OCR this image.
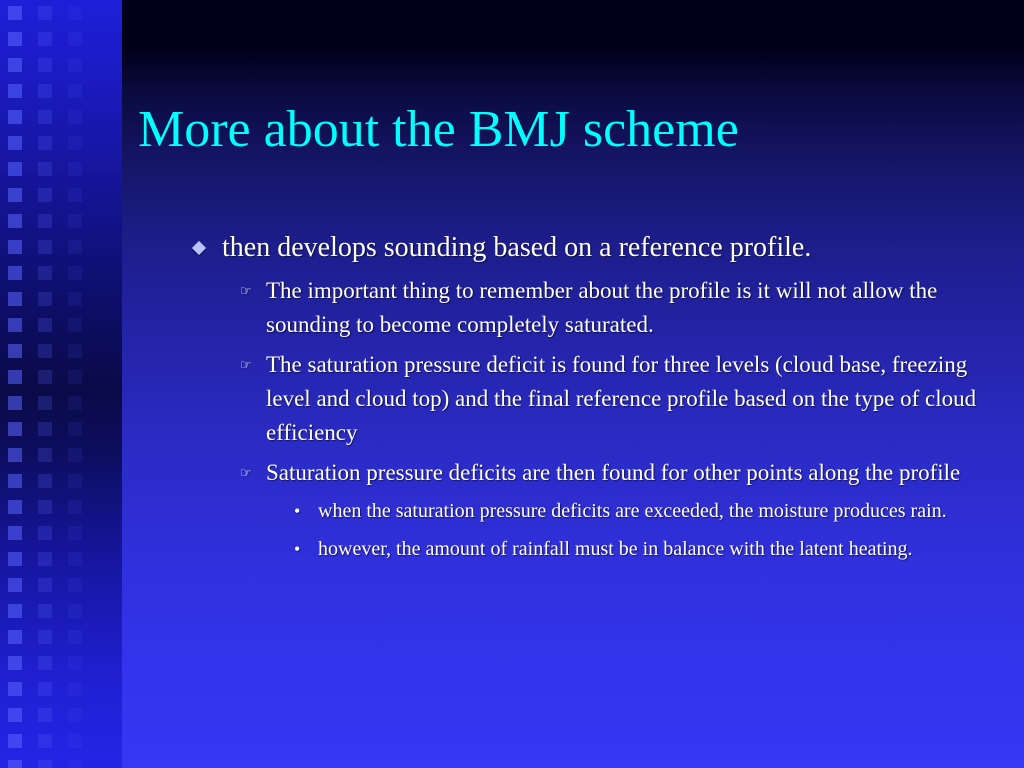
More about the BMJ scheme
then develops sounding based on a reference profile.
☞ The important thing to remember about the profile is it will not allow the sounding to become completely saturated.
☞ The saturation pressure deficit is found for three levels (cloud base, freezing level and cloud top) and the final reference profile based on the type of cloud efficiency
☞ Saturation pressure deficits are then found for other points along the profile
• when the saturation pressure deficits are exceeded, the moisture produces rain.
• however, the amount of rainfall must be in balance with the latent heating.
